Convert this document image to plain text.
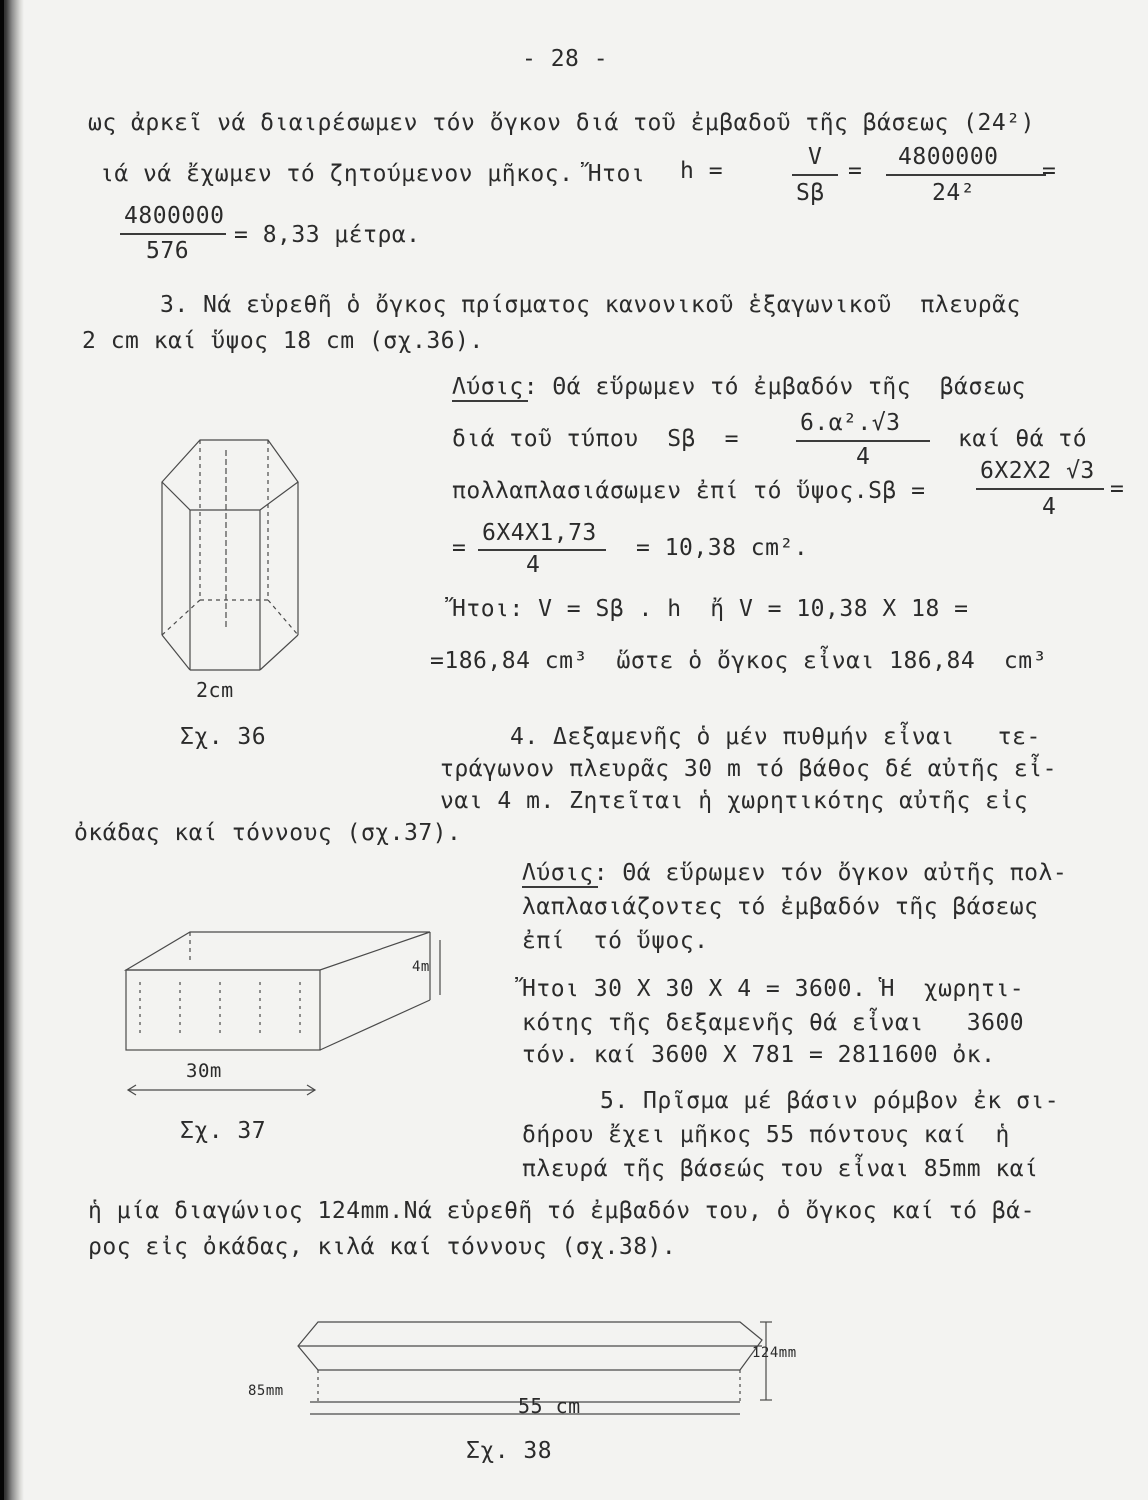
- 28 -
ως ἀρκεῖ νά διαιρέσωμεν τόν ὄγκον διά τοῦ ἐμβαδοῦ τῆς βάσεως (24²)
ιά νά ἔχωμεν τό ζητούμενον μῆκος. Ἤτοι h =
V
Sβ
=
4800000
24²
=
4800000
576
= 8,33 μέτρα.
3. Νά εὑρεθῆ ὁ ὄγκος πρίσματος κανονικοῦ ἑξαγωνικοῦ  πλευρᾶς
2 cm καί ὕψος 18 cm (σχ.36).
Λύσις: Θά εὕρωμεν τό ἐμβαδόν τῆς  βάσεως
διά τοῦ τύπου  Sβ  =
6.α².√3
4
καί θά τό
πολλαπλασιάσωμεν ἐπί τό ὕψος.Sβ =
6Χ2Χ2 √3
4
=
=
6Χ4Χ1,73
4
= 10,38 cm².
Ἤτοι: V = Sβ . h  ἤ V = 10,38 Χ 18 =
=186,84 cm³  ὥστε ὁ ὄγκος εἶναι 186,84  cm³
2cm
Σχ. 36	4. Δεξαμενῆς ὁ μέν πυθμήν εἶναι   τε-
τράγωνον πλευρᾶς 30 m τό βάθος δέ αὐτῆς εἶ-
ναι 4 m. Ζητεῖται ἡ χωρητικότης αὐτῆς εἰς
ὀκάδας καί τόννους (σχ.37).
Λύσις: Θά εὕρωμεν τόν ὄγκον αὐτῆς πολ-
λαπλασιάζοντες τό ἐμβαδόν τῆς βάσεως
ἐπί  τό ὕψος.
Ἤτοι 30 Χ 30 Χ 4 = 3600. Ἡ  χωρητι-
κότης τῆς δεξαμενῆς θά εἶναι   3600
τόν. καί 3600 Χ 781 = 2811600 ὀκ.
30m
4m
Σχ. 37
5. Πρῖσμα μέ βάσιν ρόμβον ἐκ σι-
δήρου ἔχει μῆκος 55 πόντους καί  ἡ
πλευρά τῆς βάσεώς του εἶναι 85mm καί
ἡ μία διαγώνιος 124mm.Νά εὑρεθῆ τό ἐμβαδόν του, ὁ ὄγκος καί τό βά-
ρος εἰς ὀκάδας, κιλά καί τόννους (σχ.38).
55 cm
124mm
85mm
Σχ. 38
